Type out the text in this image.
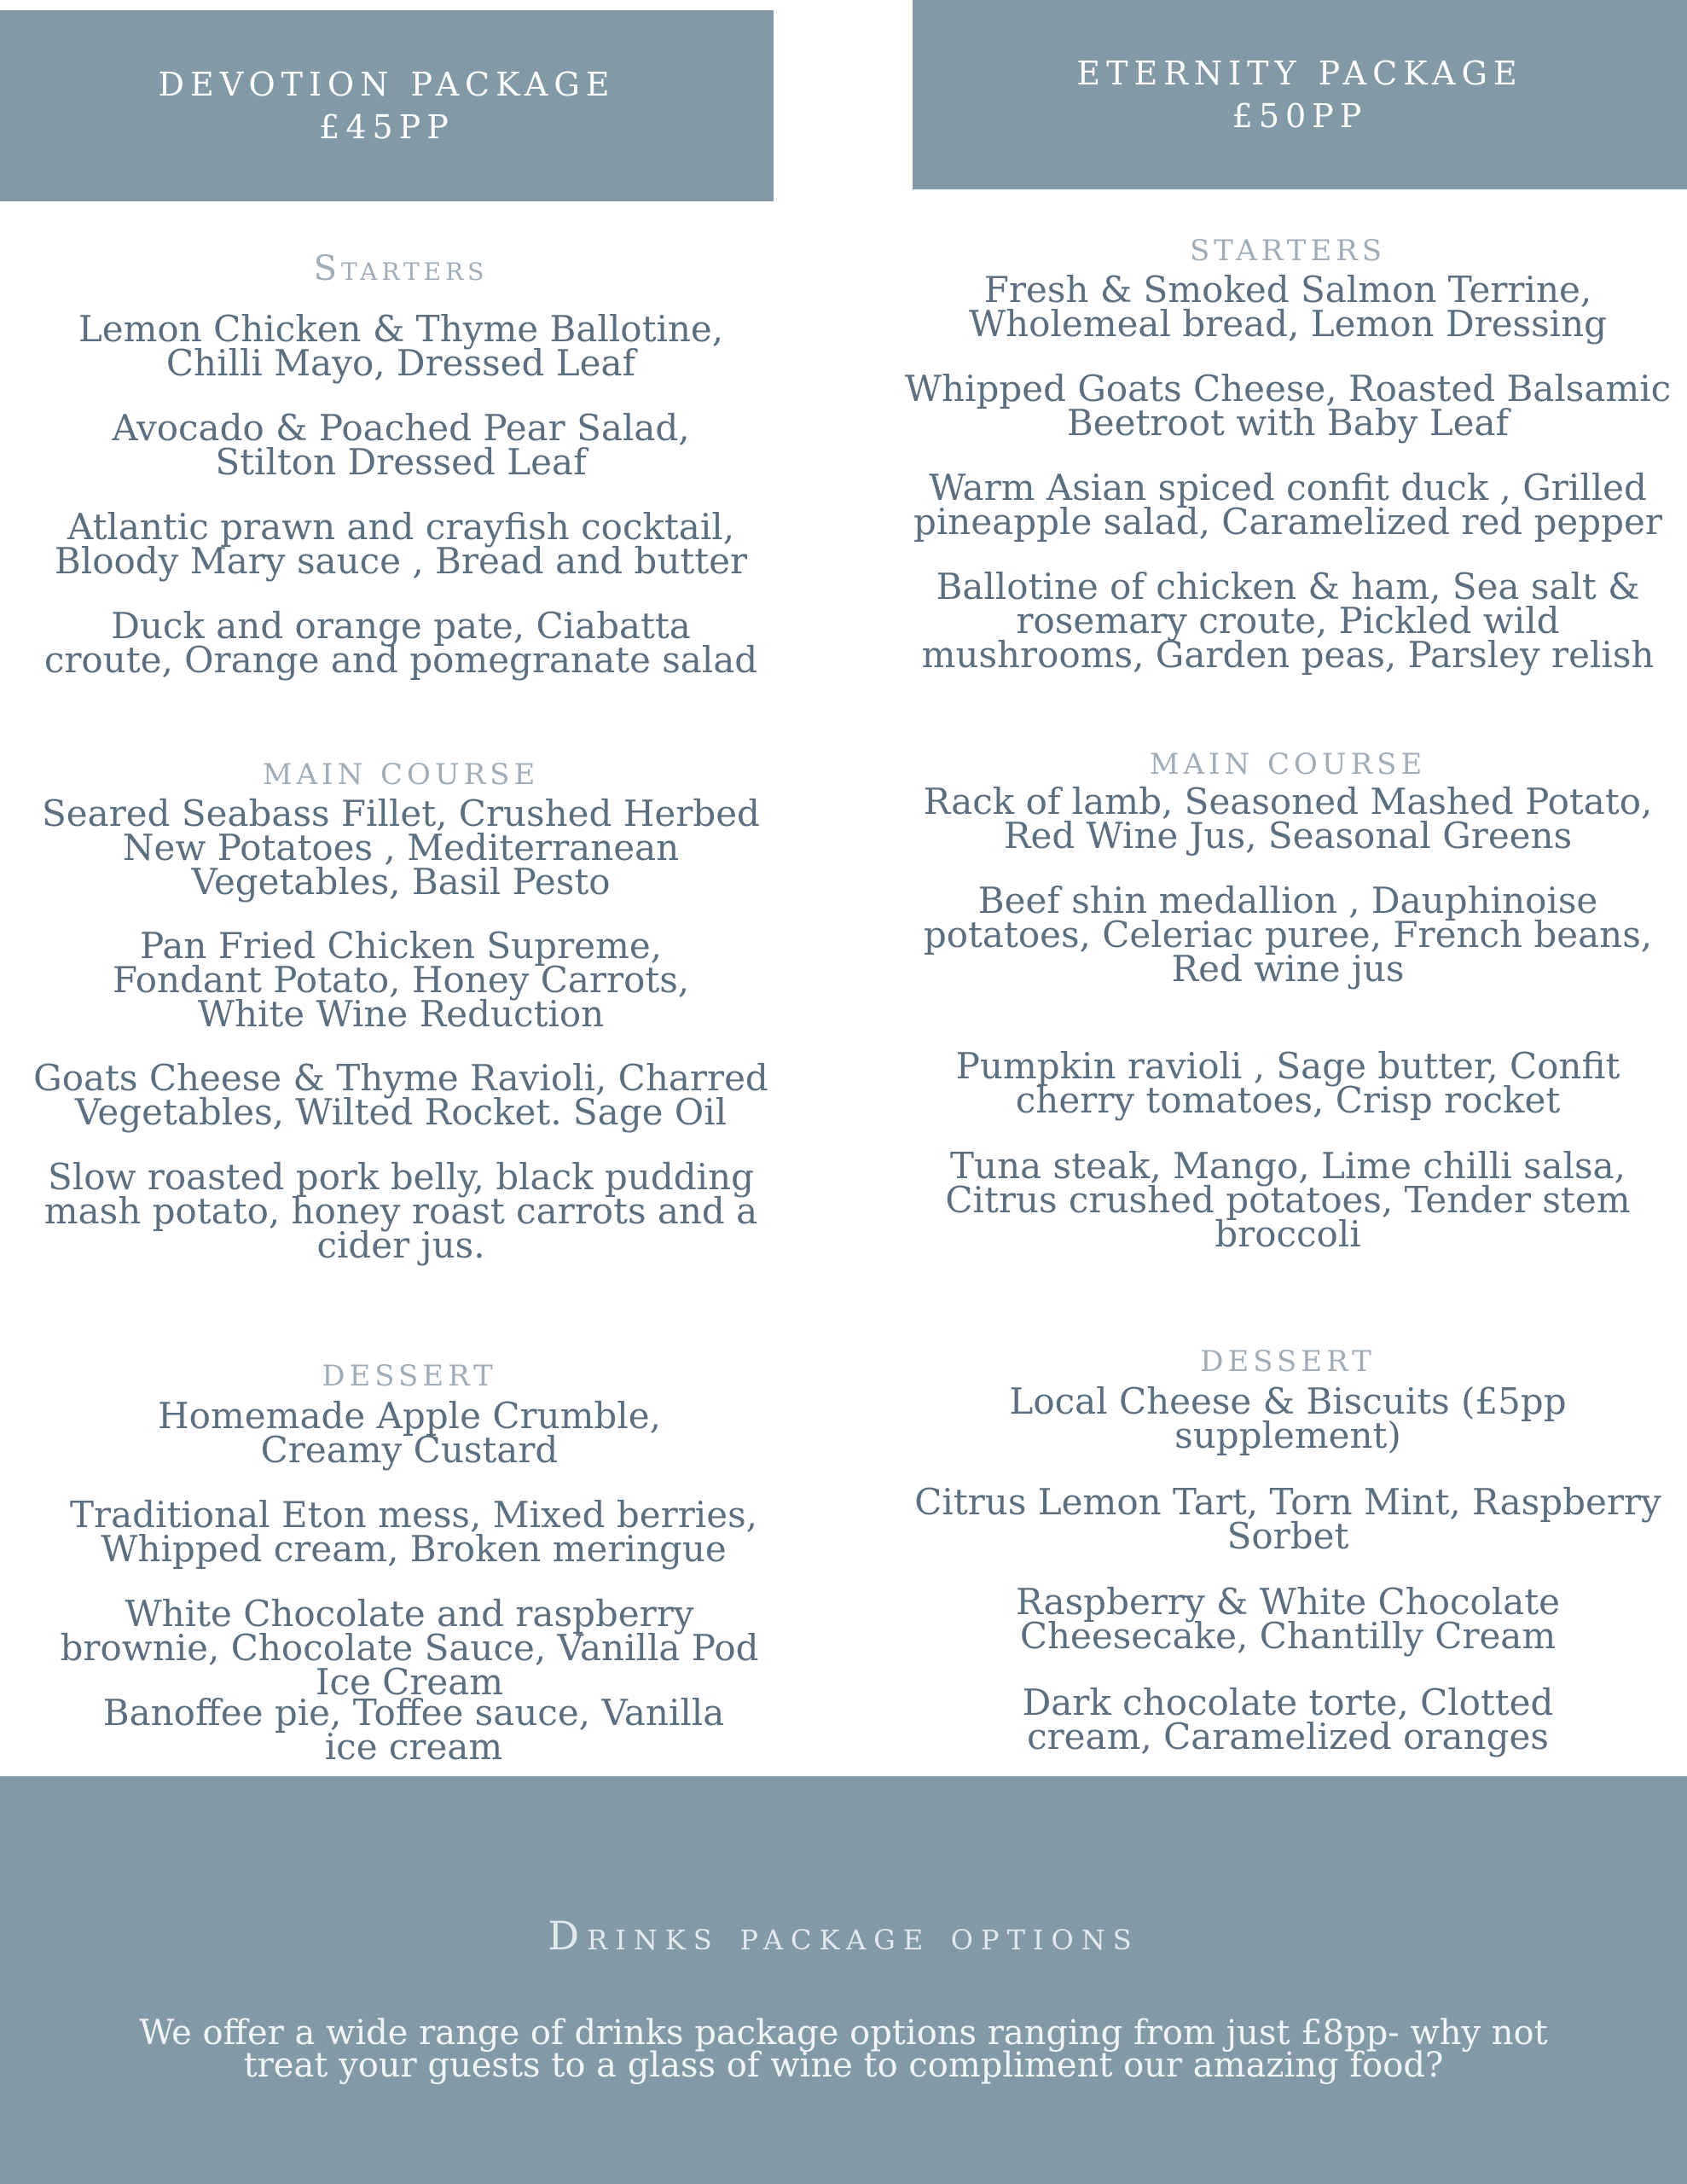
DEVOTION PACKAGE
£45PP
ETERNITY PACKAGE
£50PP
Starters
Lemon Chicken & Thyme Ballotine, Chilli Mayo, Dressed Leaf
Avocado & Poached Pear Salad, Stilton Dressed Leaf
Atlantic prawn and crayfish cocktail, Bloody Mary sauce , Bread and butter
Duck and orange pate, Ciabatta croute, Orange and pomegranate salad
MAIN COURSE
Seared Seabass Fillet, Crushed Herbed New Potatoes , Mediterranean Vegetables, Basil Pesto
Pan Fried Chicken Supreme, Fondant Potato, Honey Carrots, White Wine Reduction
Goats Cheese & Thyme Ravioli, Charred Vegetables, Wilted Rocket. Sage Oil
Slow roasted pork belly, black pudding mash potato, honey roast carrots and a cider jus.
DESSERT
Homemade Apple Crumble, Creamy Custard
Traditional Eton mess, Mixed berries, Whipped cream, Broken meringue
White Chocolate and raspberry brownie, Chocolate Sauce, Vanilla Pod Ice Cream
Banoffee pie, Toffee sauce, Vanilla ice cream
STARTERS
Fresh & Smoked Salmon Terrine, Wholemeal bread, Lemon Dressing
Whipped Goats Cheese, Roasted Balsamic Beetroot with Baby Leaf
Warm Asian spiced confit duck , Grilled pineapple salad, Caramelized red pepper
Ballotine of chicken & ham, Sea salt & rosemary croute, Pickled wild mushrooms, Garden peas, Parsley relish
MAIN COURSE
Rack of lamb, Seasoned Mashed Potato, Red Wine Jus, Seasonal Greens
Beef shin medallion , Dauphinoise potatoes, Celeriac puree, French beans, Red wine jus
Pumpkin ravioli , Sage butter, Confit cherry tomatoes, Crisp rocket
Tuna steak, Mango, Lime chilli salsa, Citrus crushed potatoes, Tender stem broccoli
DESSERT
Local Cheese & Biscuits (£5pp supplement)
Citrus Lemon Tart, Torn Mint, Raspberry Sorbet
Raspberry & White Chocolate Cheesecake, Chantilly Cream
Dark chocolate torte, Clotted cream, Caramelized oranges
Drinks package options
We offer a wide range of drinks package options ranging from just £8pp- why not treat your guests to a glass of wine to compliment our amazing food?
